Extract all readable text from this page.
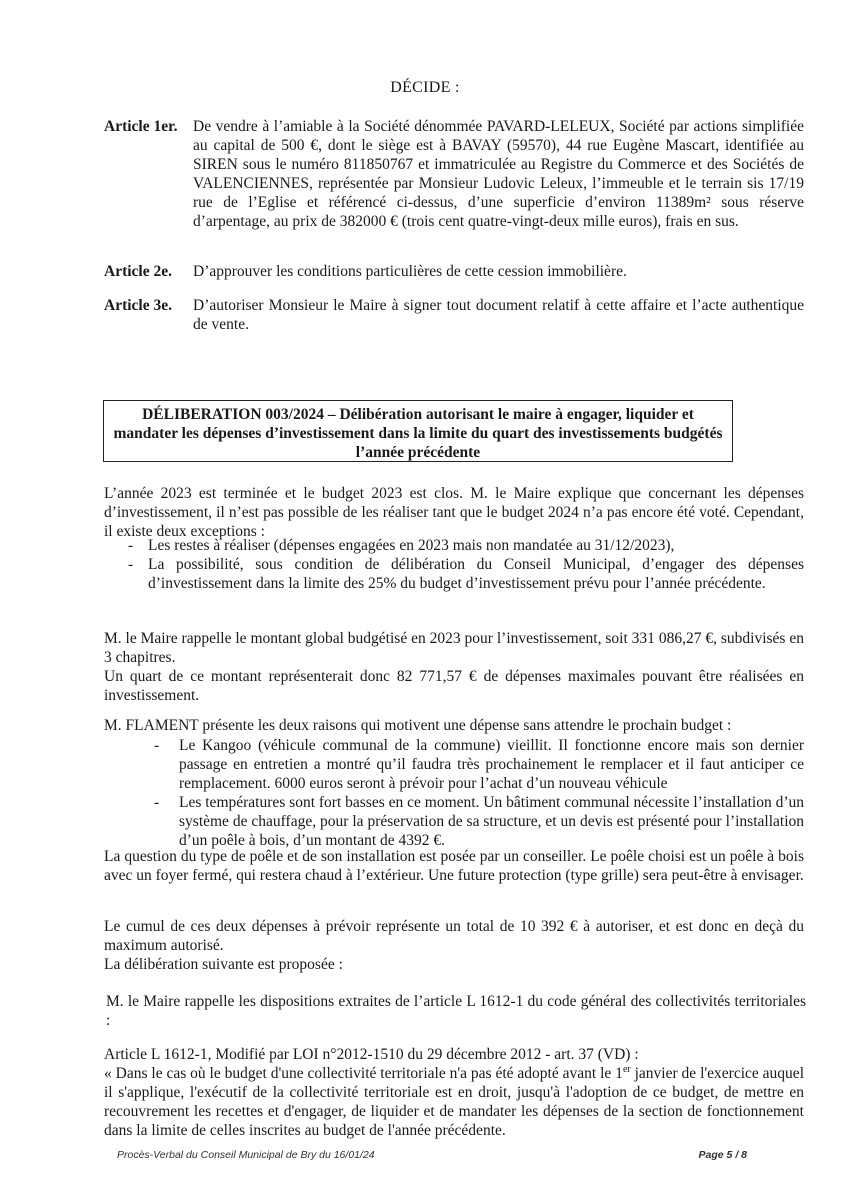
DÉCIDE :
Article 1er.	De vendre à l’amiable à la Société dénommée PAVARD-LELEUX, Société par actions simplifiée au capital de 500 €, dont le siège est à BAVAY (59570), 44 rue Eugène Mascart, identifiée au SIREN sous le numéro 811850767 et immatriculée au Registre du Commerce et des Sociétés de VALENCIENNES, représentée par Monsieur Ludovic Leleux, l’immeuble et le terrain sis 17/19 rue de l’Eglise et référencé ci-dessus, d’une superficie d’environ 11389m² sous réserve d’arpentage, au prix de 382000 € (trois cent quatre-vingt-deux mille euros), frais en sus.
Article 2e.	D’approuver les conditions particulières de cette cession immobilière.
Article 3e.	D’autoriser Monsieur le Maire à signer tout document relatif à cette affaire et l’acte authentique de vente.
DÉLIBERATION 003/2024 – Délibération autorisant le maire à engager, liquider et mandater les dépenses d’investissement dans la limite du quart des investissements budgétés l’année précédente
L’année 2023 est terminée et le budget 2023 est clos. M. le Maire explique que concernant les dépenses d’investissement, il n’est pas possible de les réaliser tant que le budget 2024 n’a pas encore été voté. Cependant, il existe deux exceptions :
- Les restes à réaliser (dépenses engagées en 2023 mais non mandatée au 31/12/2023),
- La possibilité, sous condition de délibération du Conseil Municipal, d’engager des dépenses d’investissement dans la limite des 25% du budget d’investissement prévu pour l’année précédente.
M. le Maire rappelle le montant global budgétisé en 2023 pour l’investissement, soit 331 086,27 €, subdivisés en 3 chapitres.
Un quart de ce montant représenterait donc 82 771,57 € de dépenses maximales pouvant être réalisées en investissement.
M. FLAMENT présente les deux raisons qui motivent une dépense sans attendre le prochain budget :
- Le Kangoo (véhicule communal de la commune) vieillit. Il fonctionne encore mais son dernier passage en entretien a montré qu’il faudra très prochainement le remplacer et il faut anticiper ce remplacement. 6000 euros seront à prévoir pour l’achat d’un nouveau véhicule
- Les températures sont fort basses en ce moment. Un bâtiment communal nécessite l’installation d’un système de chauffage, pour la préservation de sa structure, et un devis est présenté pour l’installation d’un poêle à bois, d’un montant de 4392 €.
La question du type de poêle et de son installation est posée par un conseiller. Le poêle choisi est un poêle à bois avec un foyer fermé, qui restera chaud à l’extérieur. Une future protection (type grille) sera peut-être à envisager.
Le cumul de ces deux dépenses à prévoir représente un total de 10 392 € à autoriser, et est donc en deçà du maximum autorisé.
La délibération suivante est proposée :
M. le Maire rappelle les dispositions extraites de l’article L 1612-1 du code général des collectivités territoriales :
Article L 1612-1, Modifié par LOI n°2012-1510 du 29 décembre 2012 - art. 37 (VD) :
« Dans le cas où le budget d'une collectivité territoriale n'a pas été adopté avant le 1er janvier de l'exercice auquel il s'applique, l'exécutif de la collectivité territoriale est en droit, jusqu'à l'adoption de ce budget, de mettre en recouvrement les recettes et d'engager, de liquider et de mandater les dépenses de la section de fonctionnement dans la limite de celles inscrites au budget de l'année précédente.
Procès-Verbal du Conseil Municipal de Bry du 16/01/24	Page 5 / 8
